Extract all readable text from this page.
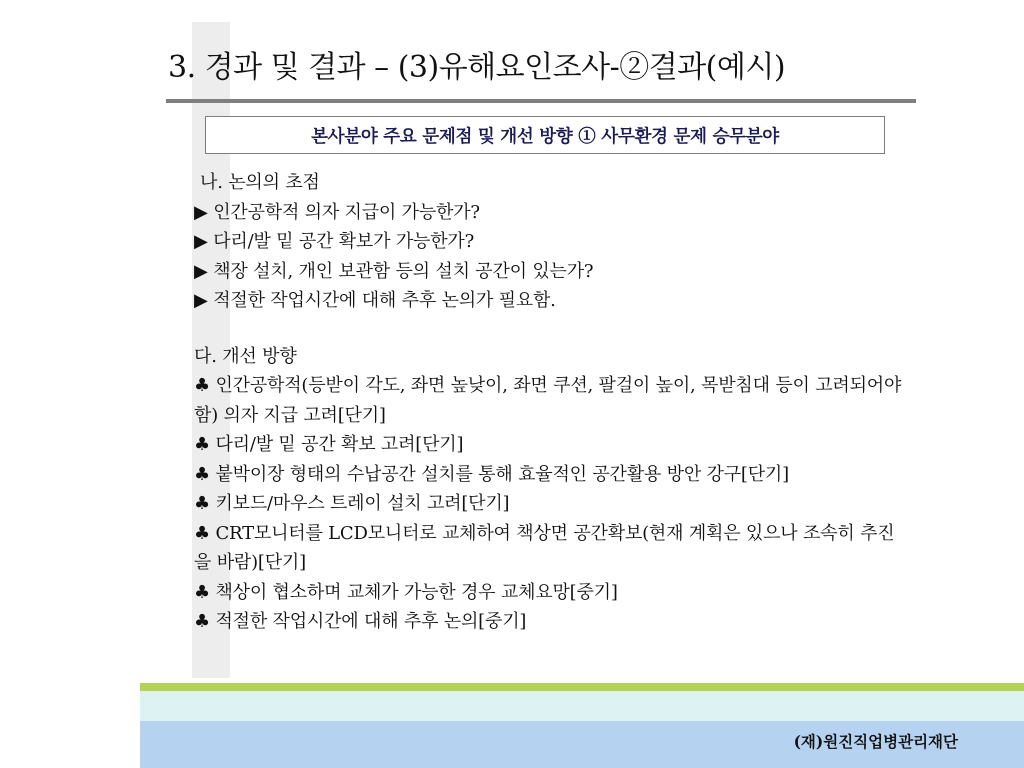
3. 경과 및 결과 – (3)유해요인조사-②결과(예시)
본사분야 주요 문제점 및 개선 방향 ① 사무환경 문제 승무분야
나. 논의의 초점
▶ 인간공학적 의자 지급이 가능한가?
▶ 다리/발 밑 공간 확보가 가능한가?
▶ 책장 설치, 개인 보관함 등의 설치 공간이 있는가?
▶ 적절한 작업시간에 대해 추후 논의가 필요함.
다. 개선 방향
♣ 인간공학적(등받이 각도, 좌면 높낮이, 좌면 쿠션, 팔걸이 높이, 목받침대 등이 고려되어야 함) 의자 지급 고려[단기]
♣ 다리/발 밑 공간 확보 고려[단기]
♣ 붙박이장 형태의 수납공간 설치를 통해 효율적인 공간활용 방안 강구[단기]
♣ 키보드/마우스 트레이 설치 고려[단기]
♣ CRT모니터를 LCD모니터로 교체하여 책상면 공간확보(현재 계획은 있으나 조속히 추진을 바람)[단기]
♣ 책상이 협소하며 교체가 가능한 경우 교체요망[중기]
♣ 적절한 작업시간에 대해 추후 논의[중기]
(재)원진직업병관리재단
